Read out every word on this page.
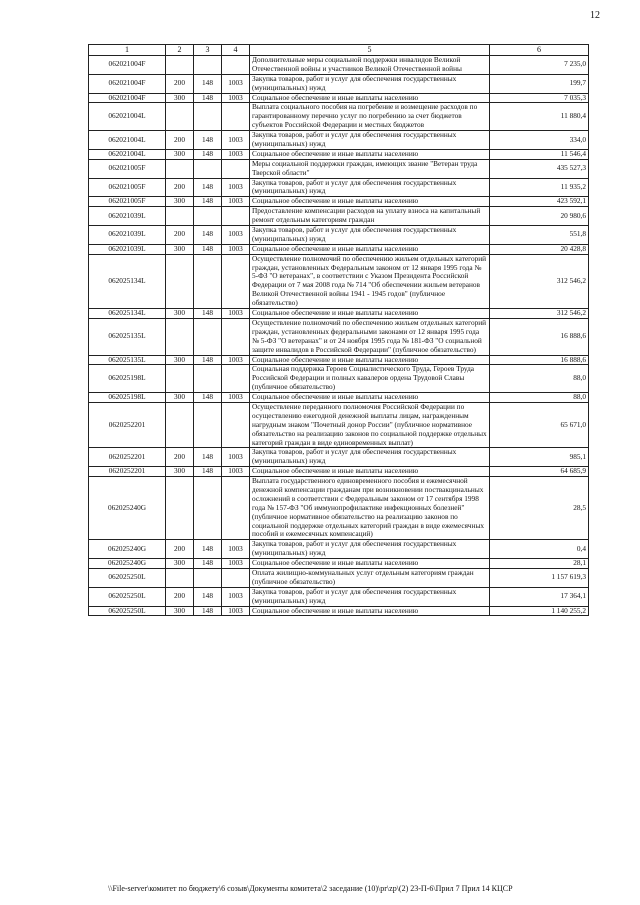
12
1	2	3	4	5	6
062021004F				Дополнительные меры социальной поддержки инвалидов Великой Отечественной войны и участников Великой Отечественной войны	7 235,0
062021004F	200	148	1003	Закупка товаров, работ и услуг для обеспечения государственных (муниципальных) нужд	199,7
062021004F	300	148	1003	Социальное обеспечение и иные выплаты населению	7 035,3
062021004L				Выплата социального пособия на погребение и возмещение расходов по гарантированному перечню услуг по погребению за счет бюджетов субъектов Российской Федерации и местных бюджетов	11 880,4
062021004L	200	148	1003	Закупка товаров, работ и услуг для обеспечения государственных (муниципальных) нужд	334,0
062021004L	300	148	1003	Социальное обеспечение и иные выплаты населению	11 546,4
062021005F				Меры социальной поддержки граждан, имеющих звание "Ветеран труда Тверской области"	435 527,3
062021005F	200	148	1003	Закупка товаров, работ и услуг для обеспечения государственных (муниципальных) нужд	11 935,2
062021005F	300	148	1003	Социальное обеспечение и иные выплаты населению	423 592,1
062021039L				Предоставление компенсации расходов на уплату взноса на капитальный ремонт отдельным категориям граждан	20 980,6
062021039L	200	148	1003	Закупка товаров, работ и услуг для обеспечения государственных (муниципальных) нужд	551,8
062021039L	300	148	1003	Социальное обеспечение и иные выплаты населению	20 428,8
062025134L				Осуществление полномочий по обеспечению жильем отдельных категорий граждан, установленных Федеральным законом от 12 января 1995 года № 5-ФЗ "О ветеранах", в соответствии с Указом Президента Российской Федерации от 7 мая 2008 года № 714 "Об обеспечении жильем ветеранов Великой Отечественной войны 1941 - 1945 годов" (публичное обязательство)	312 546,2
062025134L	300	148	1003	Социальное обеспечение и иные выплаты населению	312 546,2
062025135L				Осуществление полномочий по обеспечению жильем отдельных категорий граждан, установленных федеральными законами от 12 января 1995 года № 5-ФЗ "О ветеранах" и от 24 ноября 1995 года № 181-ФЗ "О социальной защите инвалидов в Российской Федерации" (публичное обязательство)	16 888,6
062025135L	300	148	1003	Социальное обеспечение и иные выплаты населению	16 888,6
062025198L				Социальная поддержка Героев Социалистического Труда, Героев Труда Российской Федерации и полных кавалеров ордена Трудовой Славы (публичное обязательство)	88,0
062025198L	300	148	1003	Социальное обеспечение и иные выплаты населению	88,0
0620252201				Осуществление переданного полномочия Российской Федерации по осуществлению ежегодной денежной выплаты лицам, награжденным нагрудным знаком "Почетный донор России" (публичное нормативное обязательство на реализацию законов по социальной поддержке отдельных категорий граждан в виде единовременных выплат)	65 671,0
0620252201	200	148	1003	Закупка товаров, работ и услуг для обеспечения государственных (муниципальных) нужд	985,1
0620252201	300	148	1003	Социальное обеспечение и иные выплаты населению	64 685,9
062025240G				Выплата государственного единовременного пособия и ежемесячной денежной компенсации гражданам при возникновении поствакцинальных осложнений в соответствии с Федеральным законом от 17 сентября 1998 года № 157-ФЗ "Об иммунопрофилактике инфекционных болезней" (публичное нормативное обязательство на реализацию законов по социальной поддержке отдельных категорий граждан в виде ежемесячных пособий и ежемесячных компенсаций)	28,5
062025240G	200	148	1003	Закупка товаров, работ и услуг для обеспечения государственных (муниципальных) нужд	0,4
062025240G	300	148	1003	Социальное обеспечение и иные выплаты населению	28,1
062025250L				Оплата жилищно-коммунальных услуг отдельным категориям граждан (публичное обязательство)	1 157 619,3
062025250L	200	148	1003	Закупка товаров, работ и услуг для обеспечения государственных (муниципальных) нужд	17 364,1
062025250L	300	148	1003	Социальное обеспечение и иные выплаты населению	1 140 255,2
\\File-server\комитет по бюджету\6 созыв\Документы комитета\2 заседание (10)\pr\zp\(2) 23-П-6\Прил 7 Прил 14 КЦСР
